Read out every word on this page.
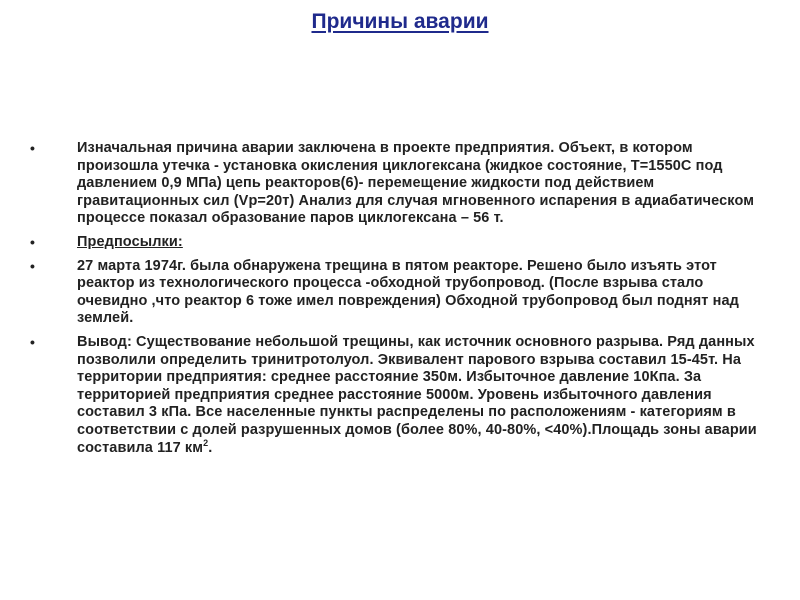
Причины аварии
•	Изначальная причина аварии заключена в проекте предприятия. Объект, в котором произошла утечка - установка окисления циклогексана (жидкое состояние, Т=1550С под давлением 0,9 МПа) цепь реакторов(6)- перемещение жидкости под действием гравитационных сил (Vр=20т) Анализ для случая мгновенного испарения в адиабатическом процессе показал образование паров циклогексана – 56 т.
•	Предпосылки:
•	27 марта 1974г. была обнаружена трещина в пятом реакторе. Решено было изъять этот реактор из технологического процесса -обходной трубопровод. (После взрыва стало очевидно ,что реактор 6 тоже имел повреждения) Обходной трубопровод был поднят над землей.
•	Вывод: Существование небольшой трещины, как источник основного разрыва. Ряд данных позволили определить тринитротолуол. Эквивалент парового взрыва составил 15-45т. На территории предприятия: среднее расстояние 350м. Избыточное давление 10Кпа. За территорией предприятия среднее расстояние 5000м. Уровень избыточного давления составил 3 кПа. Все населенные пункты распределены по расположениям - категориям в соответствии с долей разрушенных домов (более 80%, 40-80%, <40%).Площадь зоны аварии составила 117 $км^2$.
